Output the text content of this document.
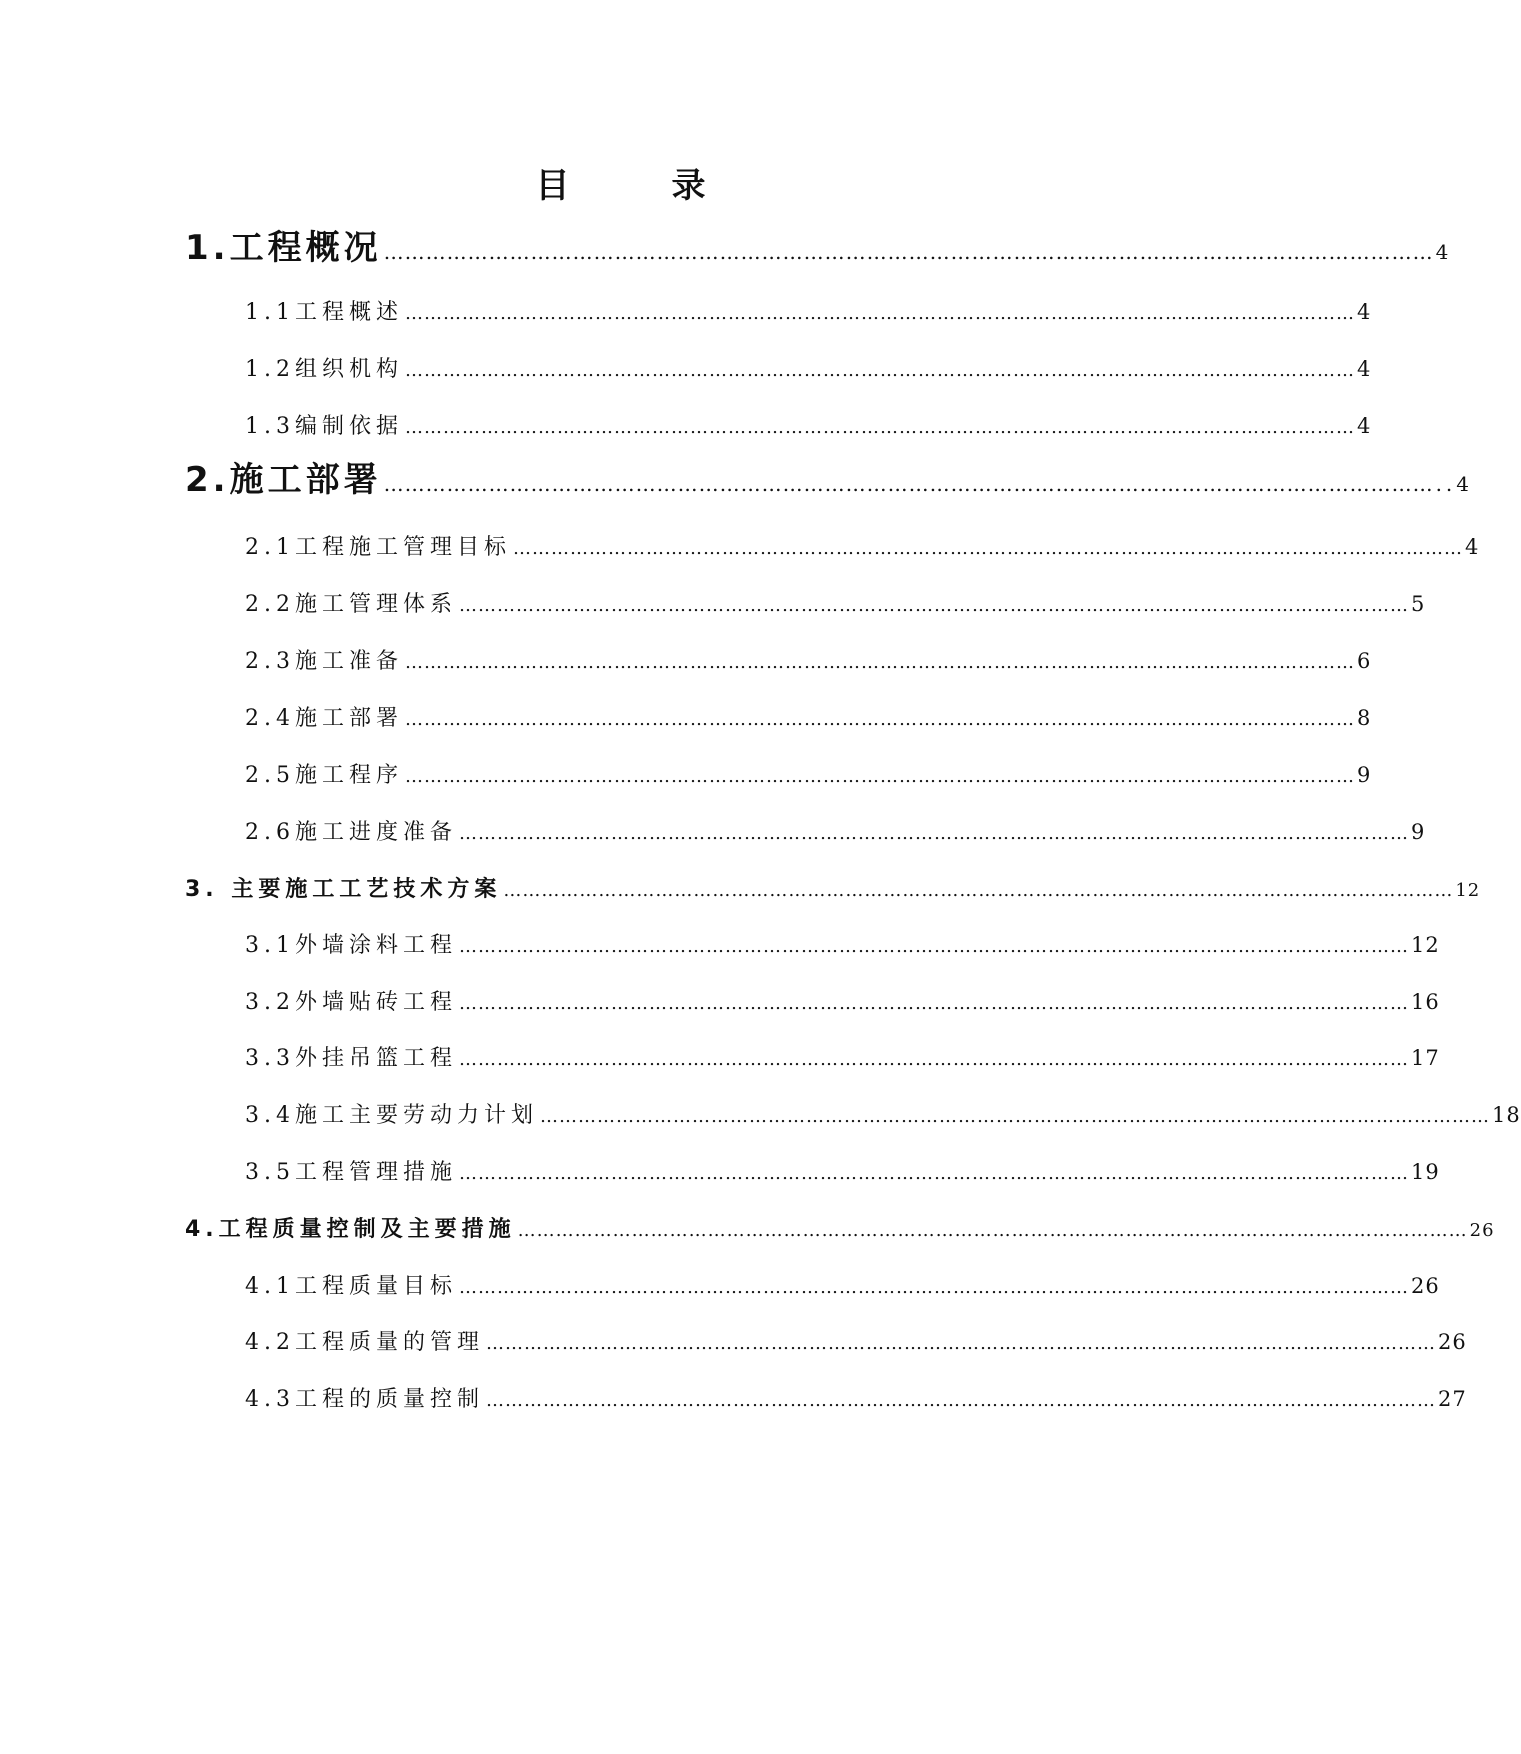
目　录
1.工程概况 …………………………………………………………………………………………………………………………………… 4
1.1工程概述 …………………………………………………………………………………………………………………………………… 4
1.2组织机构 …………………………………………………………………………………………………………………………………… 4
1.3编制依据 …………………………………………………………………………………………………………………………………… 4
2.施工部署 …………………………………………………………………………………………………………………………………… ..4
2.1工程施工管理目标 …………………………………………………………………………………………………………………………………… 4
2.2施工管理体系 …………………………………………………………………………………………………………………………………… 5
2.3施工准备 …………………………………………………………………………………………………………………………………… 6
2.4施工部署 …………………………………………………………………………………………………………………………………… 8
2.5施工程序 …………………………………………………………………………………………………………………………………… 9
2.6施工进度准备 …………………………………………………………………………………………………………………………………… 9
3. 主要施工工艺技术方案 …………………………………………………………………………………………………………………………………… 12
3.1外墙涂料工程 …………………………………………………………………………………………………………………………………… 12
3.2外墙贴砖工程 …………………………………………………………………………………………………………………………………… 16
3.3外挂吊篮工程 …………………………………………………………………………………………………………………………………… 17
3.4施工主要劳动力计划 …………………………………………………………………………………………………………………………………… 18
3.5工程管理措施 …………………………………………………………………………………………………………………………………… 19
4.工程质量控制及主要措施 …………………………………………………………………………………………………………………………………… 26
4.1工程质量目标 …………………………………………………………………………………………………………………………………… 26
4.2工程质量的管理 …………………………………………………………………………………………………………………………………… 26
4.3工程的质量控制 …………………………………………………………………………………………………………………………………… 27
